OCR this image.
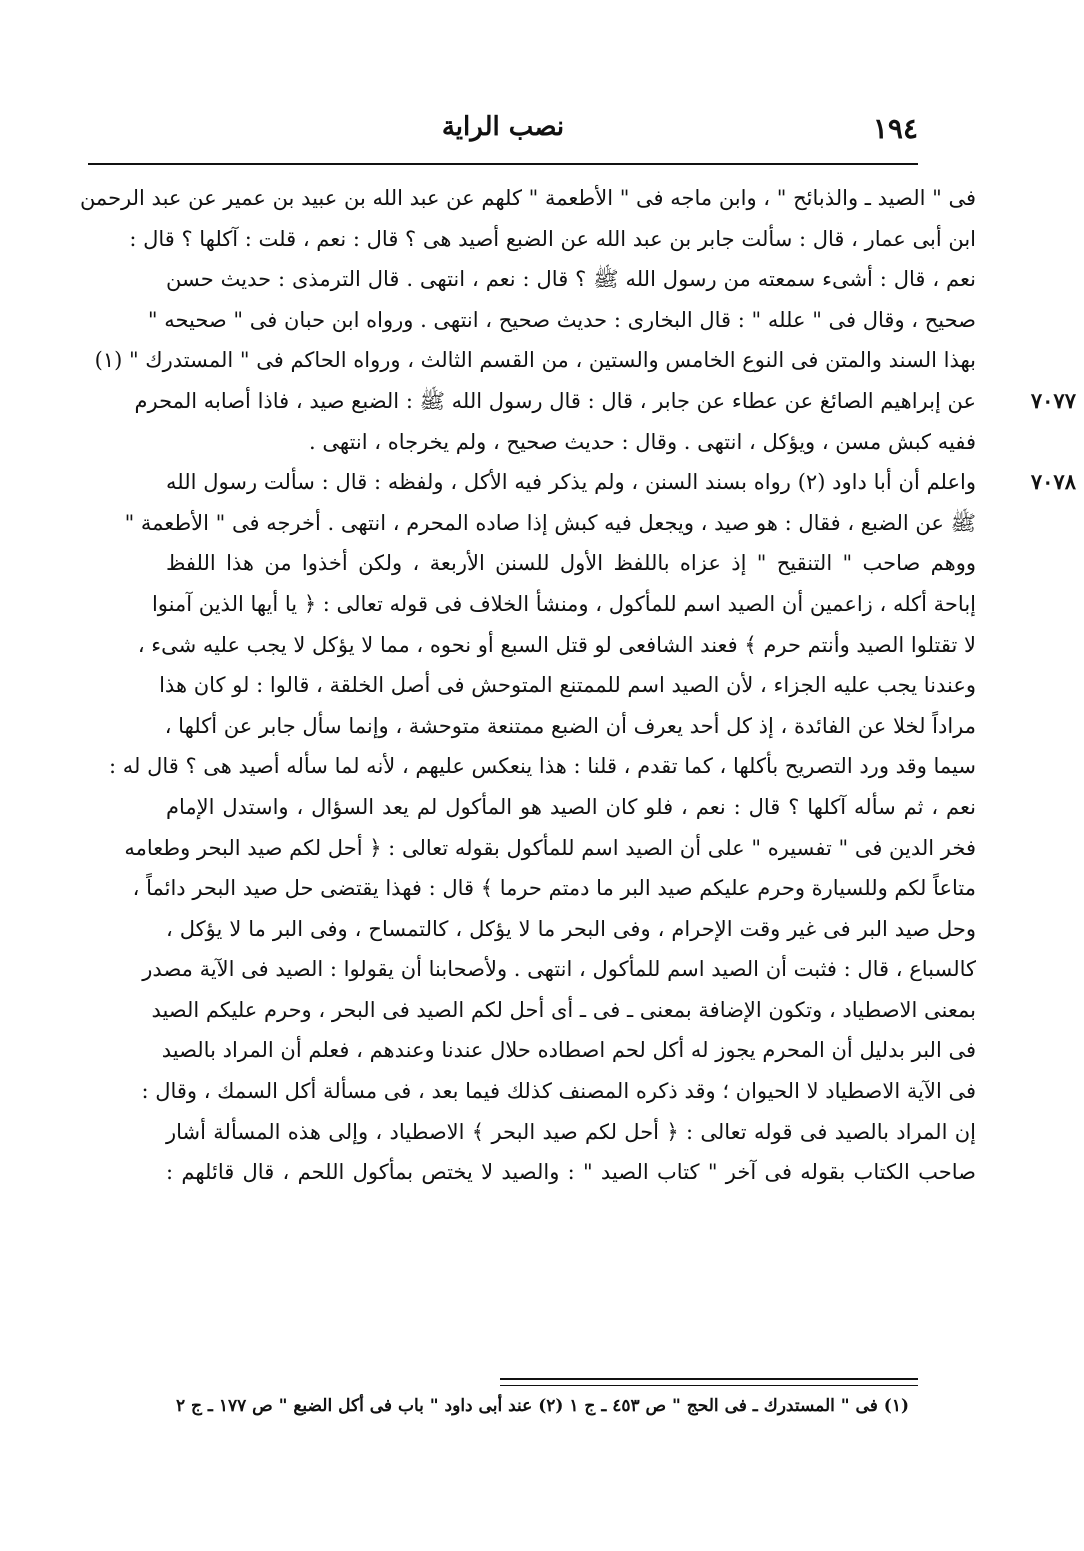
١٩٤
نصب الراية
فى " الصيد ـ والذبائح " ، وابن ماجه فى " الأطعمة " كلهم عن عبد الله بن عبيد بن عمير عن عبد الرحمن
ابن أبى عمار ، قال : سألت جابر بن عبد الله عن الضبع أصيد هى ؟ قال : نعم ، قلت : آكلها ؟ قال :
نعم ، قال : أشىء سمعته من رسول الله ﷺ ؟ قال : نعم ، انتهى . قال الترمذى : حديث حسن
صحيح ، وقال فى " علله " : قال البخارى : حديث صحيح ، انتهى . ورواه ابن حبان فى " صحيحه "
بهذا السند والمتن فى النوع الخامس والستين ، من القسم الثالث ، ورواه الحاكم فى " المستدرك " (١)
٧٠٧٧
عن إبراهيم الصائغ عن عطاء عن جابر ، قال : قال رسول الله ﷺ : الضبع صيد ، فاذا أصابه المحرم
ففيه كبش مسن ، ويؤكل ، انتهى . وقال : حديث صحيح ، ولم يخرجاه ، انتهى .
٧٠٧٨
واعلم أن أبا داود (٢) رواه بسند السنن ، ولم يذكر فيه الأكل ، ولفظه : قال : سألت رسول الله
ﷺ عن الضبع ، فقال : هو صيد ، ويجعل فيه كبش إذا صاده المحرم ، انتهى . أخرجه فى " الأطعمة "
ووهم صاحب " التنقيح " إذ عزاه باللفظ الأول للسنن الأربعة ، ولكن أخذوا من هذا اللفظ
إباحة أكله ، زاعمين أن الصيد اسم للمأكول ، ومنشأ الخلاف فى قوله تعالى : ﴿ يا أيها الذين آمنوا
لا تقتلوا الصيد وأنتم حرم ﴾ فعند الشافعى لو قتل السبع أو نحوه ، مما لا يؤكل لا يجب عليه شىء ،
وعندنا يجب عليه الجزاء ، لأن الصيد اسم للممتنع المتوحش فى أصل الخلقة ، قالوا : لو كان هذا
مراداً لخلا عن الفائدة ، إذ كل أحد يعرف أن الضبع ممتنعة متوحشة ، وإنما سأل جابر عن أكلها ،
سيما وقد ورد التصريح بأكلها ، كما تقدم ، قلنا : هذا ينعكس عليهم ، لأنه لما سأله أصيد هى ؟ قال له :
نعم ، ثم سأله آكلها ؟ قال : نعم ، فلو كان الصيد هو المأكول لم يعد السؤال ، واستدل الإمام
فخر الدين فى " تفسيره " على أن الصيد اسم للمأكول بقوله تعالى : ﴿ أحل لكم صيد البحر وطعامه
متاعاً لكم وللسيارة وحرم عليكم صيد البر ما دمتم حرما ﴾ قال : فهذا يقتضى حل صيد البحر دائماً ،
وحل صيد البر فى غير وقت الإحرام ، وفى البحر ما لا يؤكل ، كالتمساح ، وفى البر ما لا يؤكل ،
كالسباع ، قال : فثبت أن الصيد اسم للمأكول ، انتهى . ولأصحابنا أن يقولوا : الصيد فى الآية مصدر
بمعنى الاصطياد ، وتكون الإضافة بمعنى ـ فى ـ أى أحل لكم الصيد فى البحر ، وحرم عليكم الصيد
فى البر بدليل أن المحرم يجوز له أكل لحم اصطاده حلال عندنا وعندهم ، فعلم أن المراد بالصيد
فى الآية الاصطياد لا الحيوان ؛ وقد ذكره المصنف كذلك فيما بعد ، فى مسألة أكل السمك ، وقال :
إن المراد بالصيد فى قوله تعالى : ﴿ أحل لكم صيد البحر ﴾ الاصطياد ، وإلى هذه المسألة أشار
صاحب الكتاب بقوله فى آخر " كتاب الصيد " : والصيد لا يختص بمأكول اللحم ، قال قائلهم :
(١) فى " المستدرك ـ فى الحج " ص ٤٥٣ ـ ج ١ (٢) عند أبى داود " باب فى أكل الضبع " ص ١٧٧ ـ ج ٢
